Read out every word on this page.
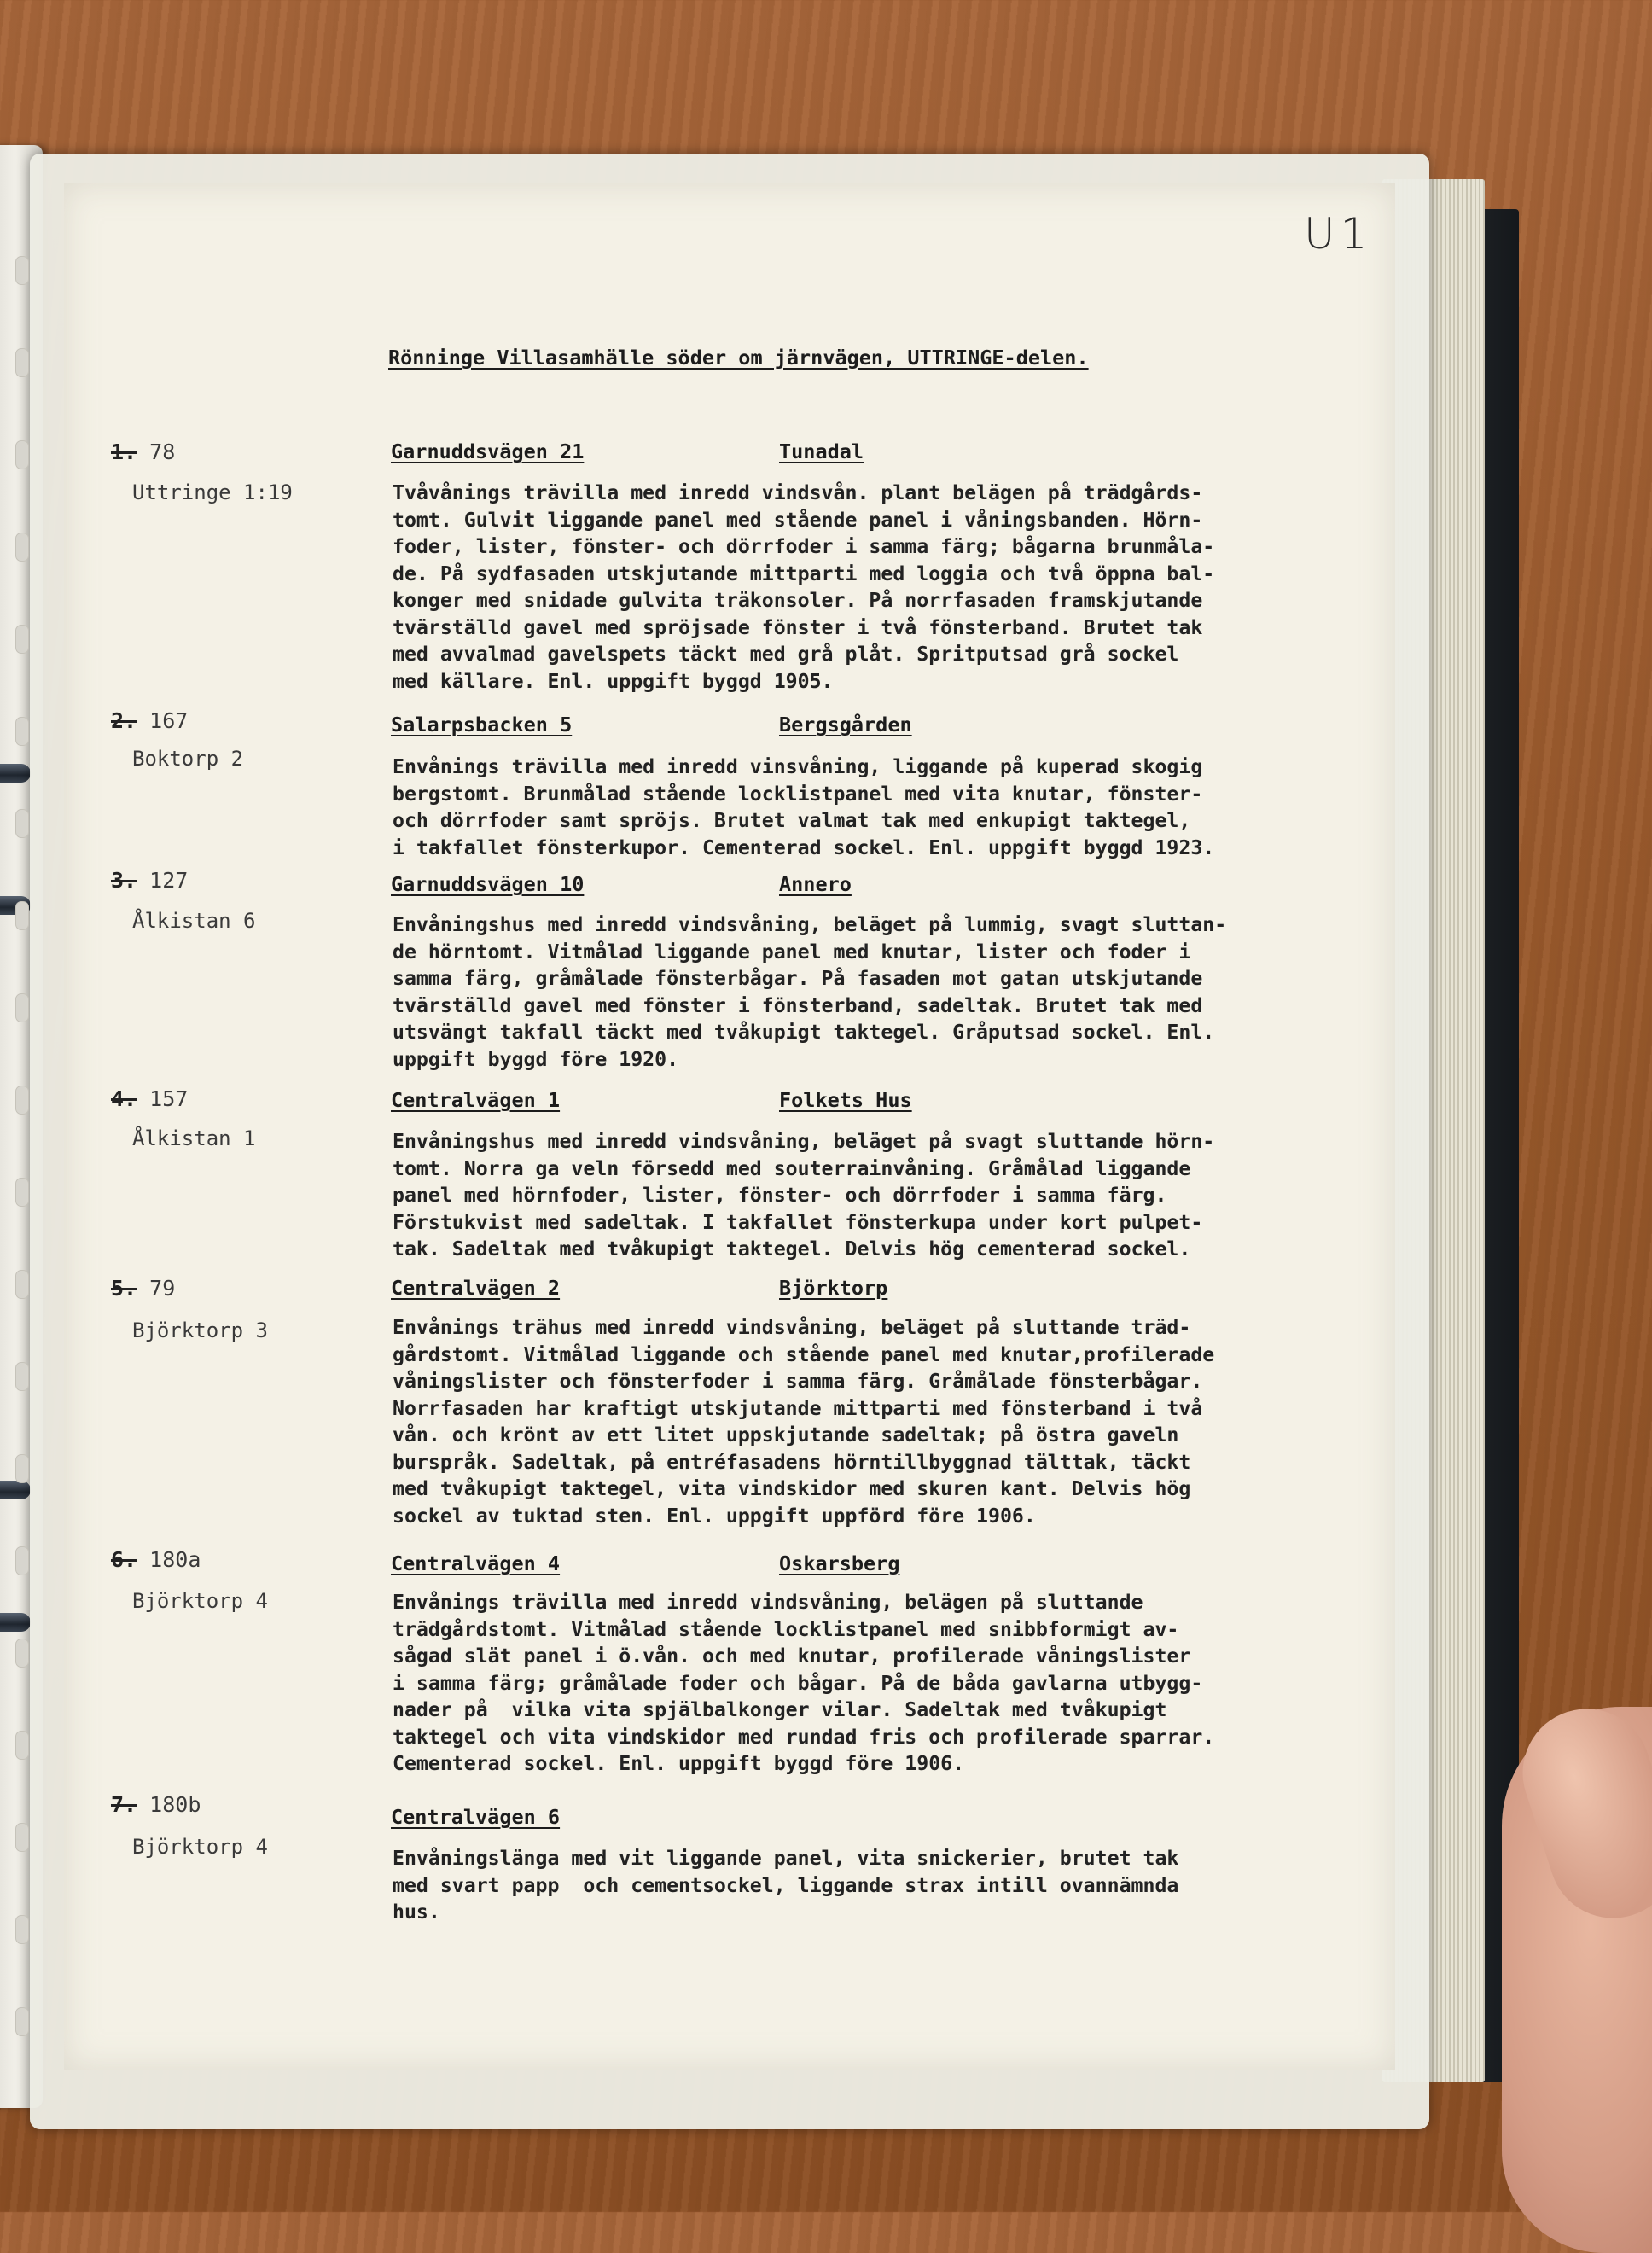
U1
Rönninge Villasamhälle söder om järnvägen, UTTRINGE-delen.
1. 78
Uttringe 1:19
Garnuddsvägen 21	Tunadal
Tvåvånings trävilla med inredd vindsvån. plant belägen på trädgårds-
tomt. Gulvit liggande panel med stående panel i våningsbanden. Hörn-
foder, lister, fönster- och dörrfoder i samma färg; bågarna brunmåla-
de. På sydfasaden utskjutande mittparti med loggia och två öppna bal-
konger med snidade gulvita träkonsoler. På norrfasaden framskjutande
tvärställd gavel med spröjsade fönster i två fönsterband. Brutet tak
med avvalmad gavelspets täckt med grå plåt. Spritputsad grå sockel
med källare. Enl. uppgift byggd 1905.
2. 167
Boktorp 2
Salarpsbacken 5	Bergsgården
Envånings trävilla med inredd vinsvåning, liggande på kuperad skogig
bergstomt. Brunmålad stående locklistpanel med vita knutar, fönster-
och dörrfoder samt spröjs. Brutet valmat tak med enkupigt taktegel,
i takfallet fönsterkupor. Cementerad sockel. Enl. uppgift byggd 1923.
3. 127
Ålkistan 6
Garnuddsvägen 10	Annero
Envåningshus med inredd vindsvåning, beläget på lummig, svagt sluttan-
de hörntomt. Vitmålad liggande panel med knutar, lister och foder i
samma färg, gråmålade fönsterbågar. På fasaden mot gatan utskjutande
tvärställd gavel med fönster i fönsterband, sadeltak. Brutet tak med
utsvängt takfall täckt med tvåkupigt taktegel. Gråputsad sockel. Enl.
uppgift byggd före 1920.
4. 157
Ålkistan 1
Centralvägen 1	Folkets Hus
Envåningshus med inredd vindsvåning, beläget på svagt sluttande hörn-
tomt. Norra ga veln försedd med souterrainvåning. Gråmålad liggande
panel med hörnfoder, lister, fönster- och dörrfoder i samma färg.
Förstukvist med sadeltak. I takfallet fönsterkupa under kort pulpet-
tak. Sadeltak med tvåkupigt taktegel. Delvis hög cementerad sockel.
5. 79
Björktorp 3
Centralvägen 2	Björktorp
Envånings trähus med inredd vindsvåning, beläget på sluttande träd-
gårdstomt. Vitmålad liggande och stående panel med knutar,profilerade
våningslister och fönsterfoder i samma färg. Gråmålade fönsterbågar.
Norrfasaden har kraftigt utskjutande mittparti med fönsterband i två
vån. och krönt av ett litet uppskjutande sadeltak; på östra gaveln
burspråk. Sadeltak, på entréfasadens hörntillbyggnad tälttak, täckt
med tvåkupigt taktegel, vita vindskidor med skuren kant. Delvis hög
sockel av tuktad sten. Enl. uppgift uppförd före 1906.
6. 180a
Björktorp 4
Centralvägen 4	Oskarsberg
Envånings trävilla med inredd vindsvåning, belägen på sluttande
trädgårdstomt. Vitmålad stående locklistpanel med snibbformigt av-
sågad slät panel i ö.vån. och med knutar, profilerade våningslister
i samma färg; gråmålade foder och bågar. På de båda gavlarna utbygg-
nader på  vilka vita spjälbalkonger vilar. Sadeltak med tvåkupigt
taktegel och vita vindskidor med rundad fris och profilerade sparrar.
Cementerad sockel. Enl. uppgift byggd före 1906.
7. 180b
Björktorp 4
Centralvägen 6
Envåningslänga med vit liggande panel, vita snickerier, brutet tak
med svart papp  och cementsockel, liggande strax intill ovannämnda
hus.
